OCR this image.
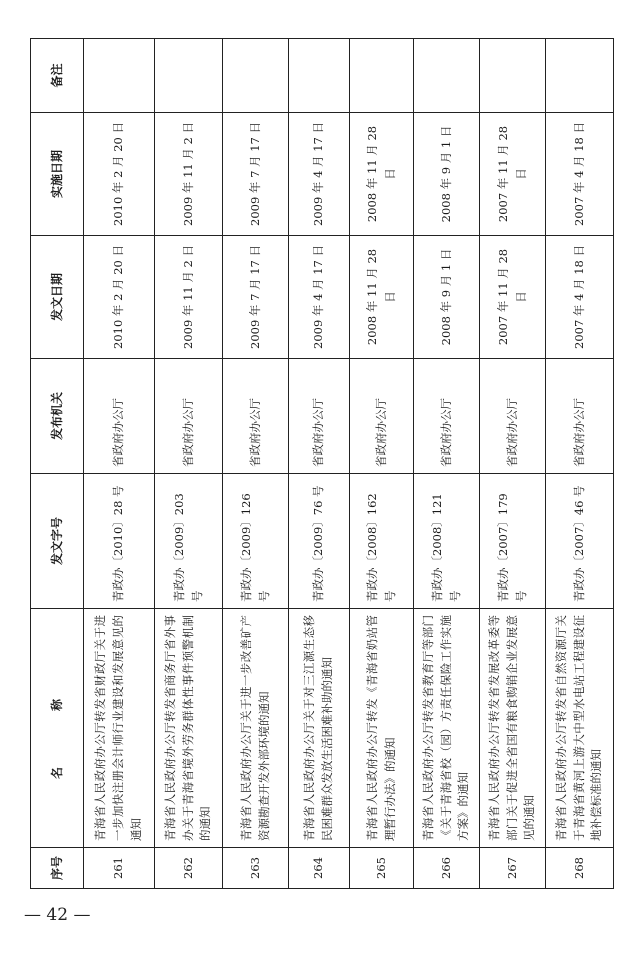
序号	名　称	发文字号	发布机关	发文日期	实施日期	备注
261	青海省人民政府办公厅转发省财政厅关于进一步加快注册会计师行业建设和发展意见的通知	青政办〔2010〕28 号	省政府办公厅	2010 年 2 月 20 日	2010 年 2 月 20 日	
262	青海省人民政府办公厅转发省商务厅省外事办关于青海省境外劳务群体性事件预警机制的通知	青政办〔2009〕203 号	省政府办公厅	2009 年 11 月 2 日	2009 年 11 月 2 日	
263	青海省人民政府办公厅关于进一步改善矿产资源勘查开发外部环境的通知	青政办〔2009〕126 号	省政府办公厅	2009 年 7 月 17 日	2009 年 7 月 17 日	
264	青海省人民政府办公厅关于对三江源生态移民困难群众发放生活困难补助的通知	青政办〔2009〕76 号	省政府办公厅	2009 年 4 月 17 日	2009 年 4 月 17 日	
265	青海省人民政府办公厅转发《青海省奶站管理暂行办法》的通知	青政办〔2008〕162 号	省政府办公厅	2008 年 11 月 28 日	2008 年 11 月 28 日	
266	青海省人民政府办公厅转发省教育厅等部门《关于青海省校（园）方责任保险工作实施方案》的通知	青政办〔2008〕121 号	省政府办公厅	2008 年 9 月 1 日	2008 年 9 月 1 日	
267	青海省人民政府办公厅转发省发展改革委等部门关于促进全省国有粮食购销企业发展意见的通知	青政办〔2007〕179 号	省政府办公厅	2007 年 11 月 28 日	2007 年 11 月 28 日	
268	青海省人民政府办公厅转发省自然资源厅关于青海省黄河上游大中型水电站工程建设征地补偿标准的通知	青政办〔2007〕46 号	省政府办公厅	2007 年 4 月 18 日	2007 年 4 月 18 日	
— 42 —
